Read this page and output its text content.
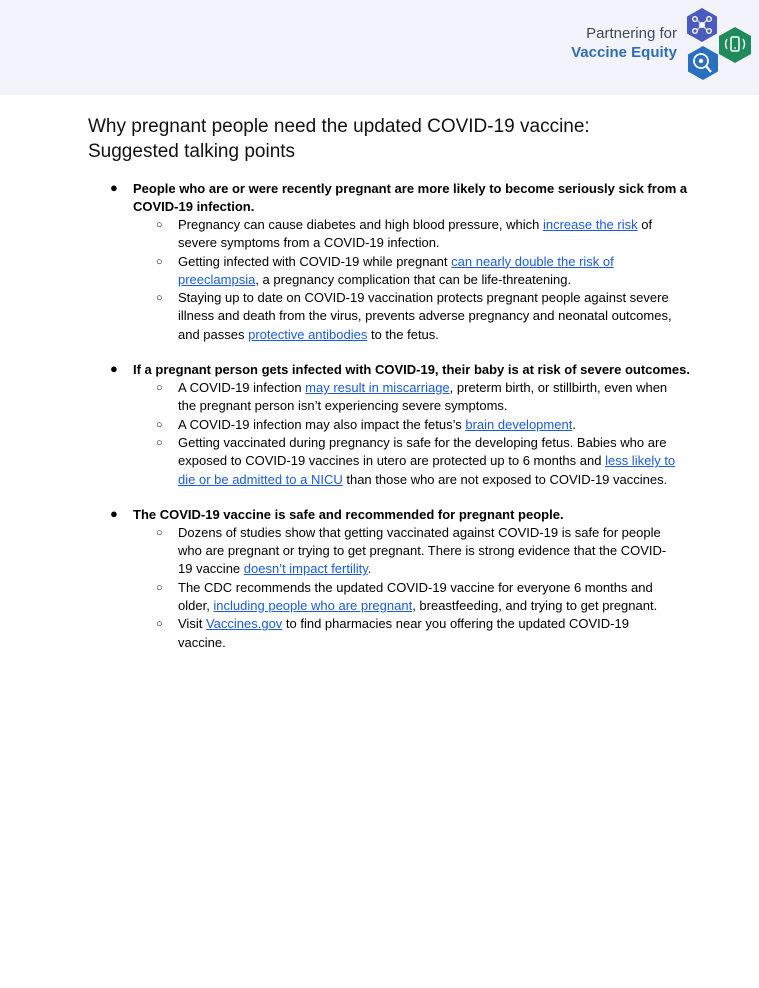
Partnering for
Vaccine Equity
Why pregnant people need the updated COVID-19 vaccine:
Suggested talking points
● People who are or were recently pregnant are more likely to become seriously sick from a COVID-19 infection.
○ Pregnancy can cause diabetes and high blood pressure, which increase the risk of severe symptoms from a COVID-19 infection.
○ Getting infected with COVID-19 while pregnant can nearly double the risk of preeclampsia, a pregnancy complication that can be life-threatening.
○ Staying up to date on COVID-19 vaccination protects pregnant people against severe illness and death from the virus, prevents adverse pregnancy and neonatal outcomes, and passes protective antibodies to the fetus.
● If a pregnant person gets infected with COVID-19, their baby is at risk of severe outcomes.
○ A COVID-19 infection may result in miscarriage, preterm birth, or stillbirth, even when the pregnant person isn’t experiencing severe symptoms.
○ A COVID-19 infection may also impact the fetus’s brain development.
○ Getting vaccinated during pregnancy is safe for the developing fetus. Babies who are exposed to COVID-19 vaccines in utero are protected up to 6 months and less likely to die or be admitted to a NICU than those who are not exposed to COVID-19 vaccines.
● The COVID-19 vaccine is safe and recommended for pregnant people.
○ Dozens of studies show that getting vaccinated against COVID-19 is safe for people who are pregnant or trying to get pregnant. There is strong evidence that the COVID-19 vaccine doesn’t impact fertility.
○ The CDC recommends the updated COVID-19 vaccine for everyone 6 months and older, including people who are pregnant, breastfeeding, and trying to get pregnant.
○ Visit Vaccines.gov to find pharmacies near you offering the updated COVID-19 vaccine.
